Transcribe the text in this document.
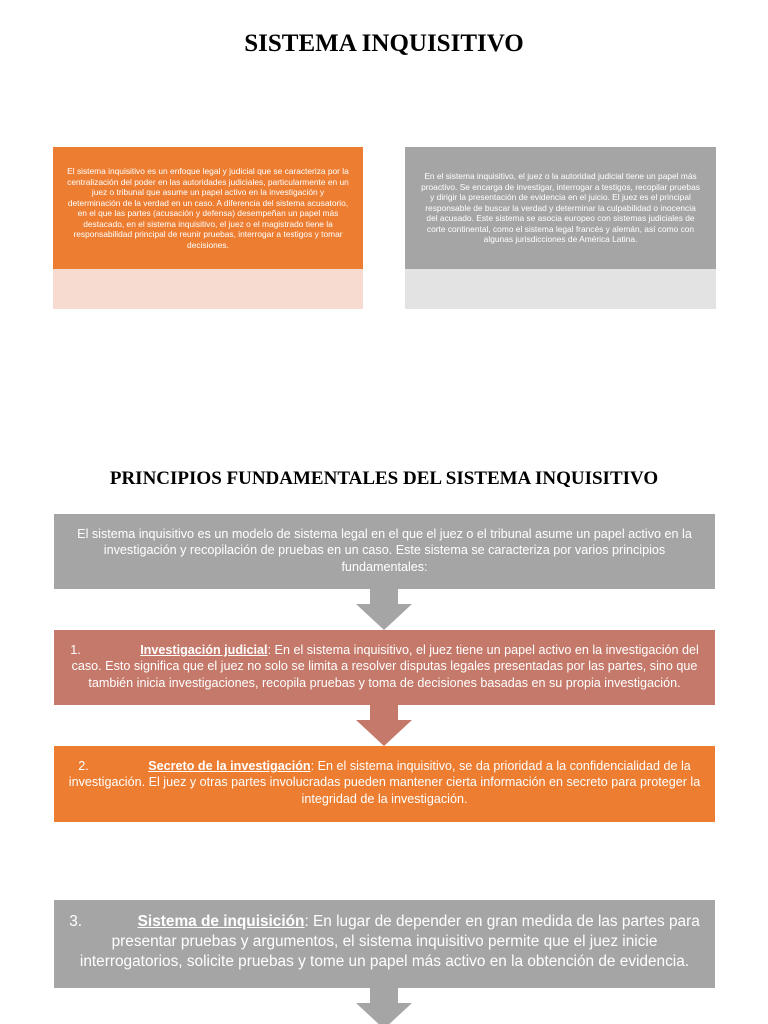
SISTEMA INQUISITIVO
El sistema inquisitivo es un enfoque legal y judicial que se caracteriza por la centralización del poder en las autoridades judiciales, particularmente en un juez o tribunal que asume un papel activo en la investigación y determinación de la verdad en un caso. A diferencia del sistema acusatorio, en el que las partes (acusación y defensa) desempeñan un papel más destacado, en el sistema inquisitivo, el juez o el magistrado tiene la responsabilidad principal de reunir pruebas, interrogar a testigos y tomar decisiones.
En el sistema inquisitivo, el juez o la autoridad judicial tiene un papel más proactivo. Se encarga de investigar, interrogar a testigos, recopilar pruebas y dirigir la presentación de evidencia en el juicio. El juez es el principal responsable de buscar la verdad y determinar la culpabilidad o inocencia del acusado. Este sistema se asocia europeo con sistemas judiciales de corte continental, como el sistema legal francés y alemán, así como con algunas jurisdicciones de América Latina.
PRINCIPIOS FUNDAMENTALES DEL SISTEMA INQUISITIVO
El sistema inquisitivo es un modelo de sistema legal en el que el juez o el tribunal asume un papel activo en la investigación y recopilación de pruebas en un caso. Este sistema se caracteriza por varios principios fundamentales:
1.	Investigación judicial: En el sistema inquisitivo, el juez tiene un papel activo en la investigación del caso. Esto significa que el juez no solo se limita a resolver disputas legales presentadas por las partes, sino que también inicia investigaciones, recopila pruebas y toma de decisiones basadas en su propia investigación.
2.	Secreto de la investigación: En el sistema inquisitivo, se da prioridad a la confidencialidad de la investigación. El juez y otras partes involucradas pueden mantener cierta información en secreto para proteger la integridad de la investigación.
3.	Sistema de inquisición: En lugar de depender en gran medida de las partes para presentar pruebas y argumentos, el sistema inquisitivo permite que el juez inicie interrogatorios, solicite pruebas y tome un papel más activo en la obtención de evidencia.
